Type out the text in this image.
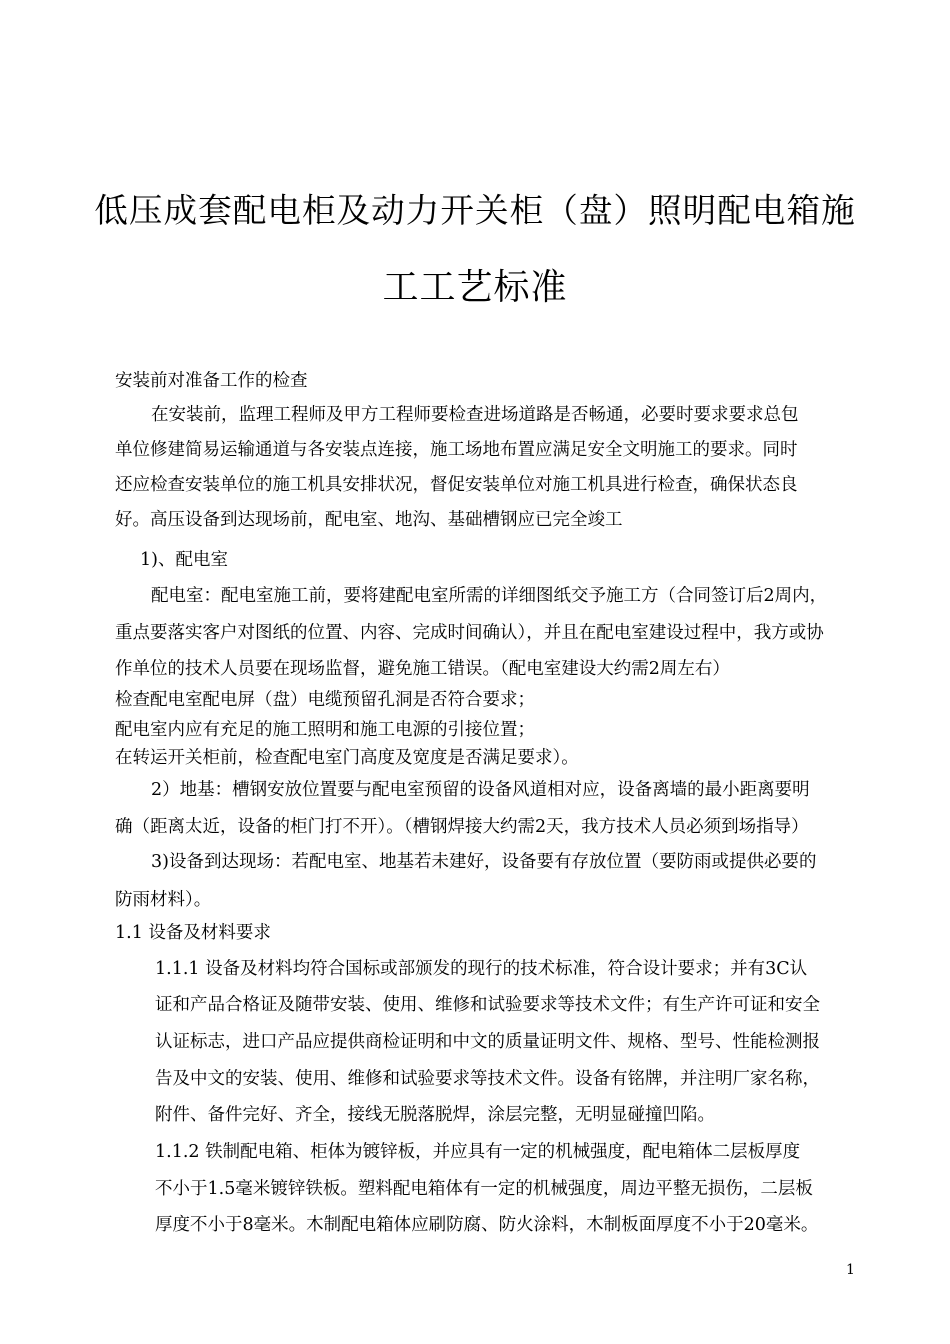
低压成套配电柜及动力开关柜（盘）照明配电箱施
工工艺标准
安装前对准备工作的检查
在安装前，监理工程师及甲方工程师要检查进场道路是否畅通，必要时要求要求总包
单位修建简易运输通道与各安装点连接，施工场地布置应满足安全文明施工的要求。同时
还应检查安装单位的施工机具安排状况，督促安装单位对施工机具进行检查，确保状态良
好。高压设备到达现场前，配电室、地沟、基础槽钢应已完全竣工
1)、配电室
配电室：配电室施工前，要将建配电室所需的详细图纸交予施工方（合同签订后2周内，
重点要落实客户对图纸的位置、内容、完成时间确认），并且在配电室建设过程中，我方或协
作单位的技术人员要在现场监督，避免施工错误。（配电室建设大约需2周左右）
检查配电室配电屏（盘）电缆预留孔洞是否符合要求；
配电室内应有充足的施工照明和施工电源的引接位置；
在转运开关柜前，检查配电室门高度及宽度是否满足要求）。
2）地基：槽钢安放位置要与配电室预留的设备风道相对应，设备离墙的最小距离要明
确（距离太近，设备的柜门打不开）。（槽钢焊接大约需2天，我方技术人员必须到场指导）
3)设备到达现场：若配电室、地基若未建好，设备要有存放位置（要防雨或提供必要的
防雨材料）。
1.1 设备及材料要求
1.1.1 设备及材料均符合国标或部颁发的现行的技术标准，符合设计要求；并有3C认
证和产品合格证及随带安装、使用、维修和试验要求等技术文件；有生产许可证和安全
认证标志，进口产品应提供商检证明和中文的质量证明文件、规格、型号、性能检测报
告及中文的安装、使用、维修和试验要求等技术文件。设备有铭牌，并注明厂家名称，
附件、备件完好、齐全，接线无脱落脱焊，涂层完整，无明显碰撞凹陷。
1.1.2 铁制配电箱、柜体为镀锌板，并应具有一定的机械强度，配电箱体二层板厚度
不小于1.5毫米镀锌铁板。塑料配电箱体有一定的机械强度，周边平整无损伤，二层板
厚度不小于8毫米。木制配电箱体应刷防腐、防火涂料，木制板面厚度不小于20毫米。
1
